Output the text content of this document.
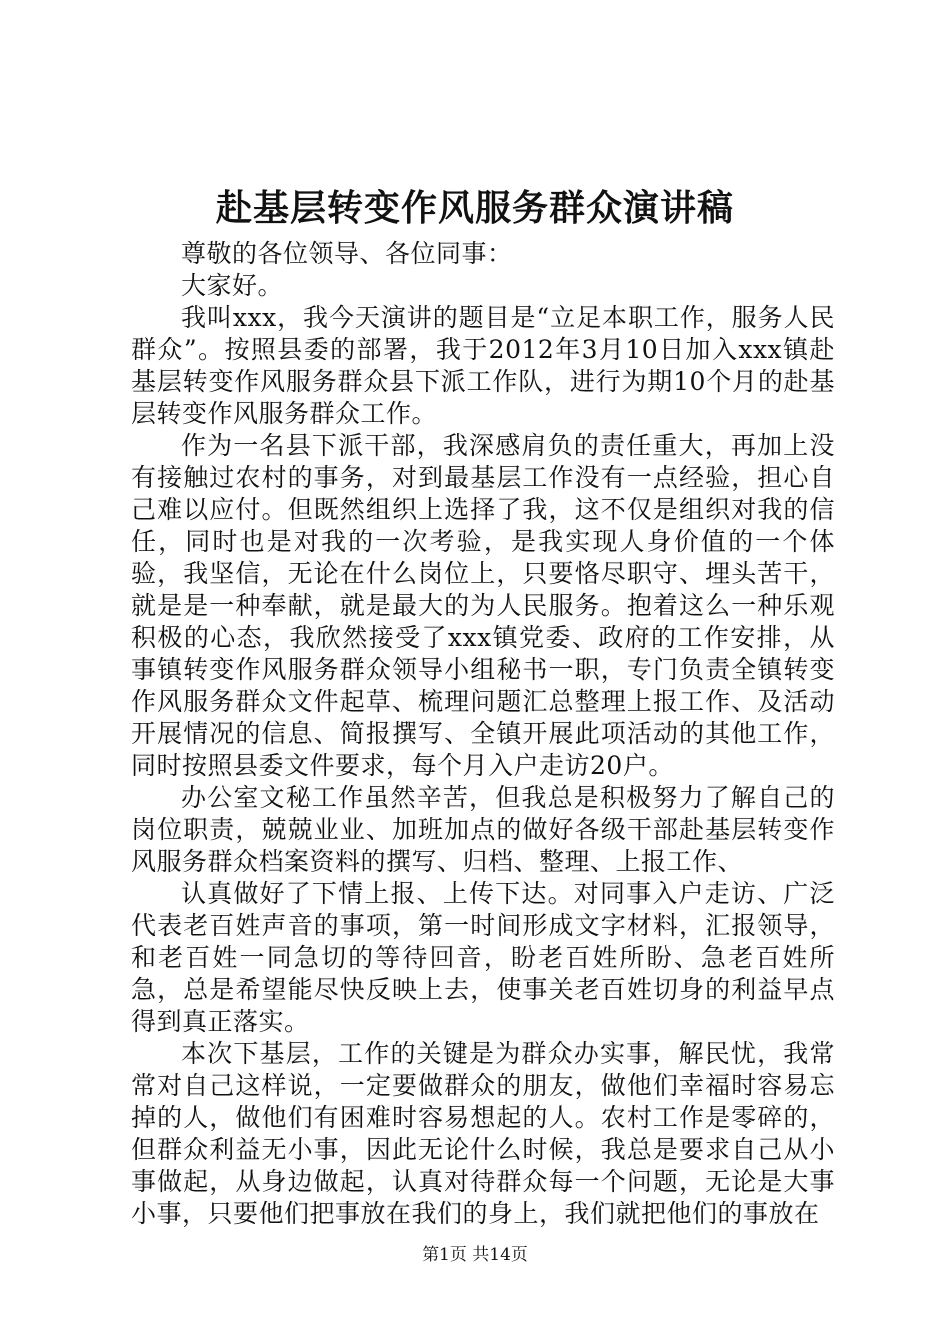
赴基层转变作风服务群众演讲稿

尊敬的各位领导、各位同事：

大家好。

我叫xxx，我今天演讲的题目是“立足本职工作，服务人民群众”。按照县委的部署，我于2012年3月10日加入xxx镇赴基层转变作风服务群众县下派工作队，进行为期10个月的赴基层转变作风服务群众工作。

作为一名县下派干部，我深感肩负的责任重大，再加上没有接触过农村的事务，对到最基层工作没有一点经验，担心自己难以应付。但既然组织上选择了我，这不仅是组织对我的信任，同时也是对我的一次考验，是我实现人身价值的一个体验，我坚信，无论在什么岗位上，只要恪尽职守、埋头苦干，就是是一种奉献，就是最大的为人民服务。抱着这么一种乐观积极的心态，我欣然接受了xxx镇党委、政府的工作安排，从事镇转变作风服务群众领导小组秘书一职，专门负责全镇转变作风服务群众文件起草、梳理问题汇总整理上报工作、及活动开展情况的信息、简报撰写、全镇开展此项活动的其他工作，同时按照县委文件要求，每个月入户走访20户。

办公室文秘工作虽然辛苦，但我总是积极努力了解自己的岗位职责，兢兢业业、加班加点的做好各级干部赴基层转变作风服务群众档案资料的撰写、归档、整理、上报工作、

认真做好了下情上报、上传下达。对同事入户走访、广泛代表老百姓声音的事项，第一时间形成文字材料，汇报领导，和老百姓一同急切的等待回音，盼老百姓所盼、急老百姓所急，总是希望能尽快反映上去，使事关老百姓切身的利益早点得到真正落实。

本次下基层，工作的关键是为群众办实事，解民忧，我常常对自己这样说，一定要做群众的朋友，做他们幸福时容易忘掉的人，做他们有困难时容易想起的人。农村工作是零碎的，但群众利益无小事，因此无论什么时候，我总是要求自己从小事做起，从身边做起，认真对待群众每一个问题，无论是大事小事，只要他们把事放在我们的身上，我们就把他们的事放在

第1页 共14页
